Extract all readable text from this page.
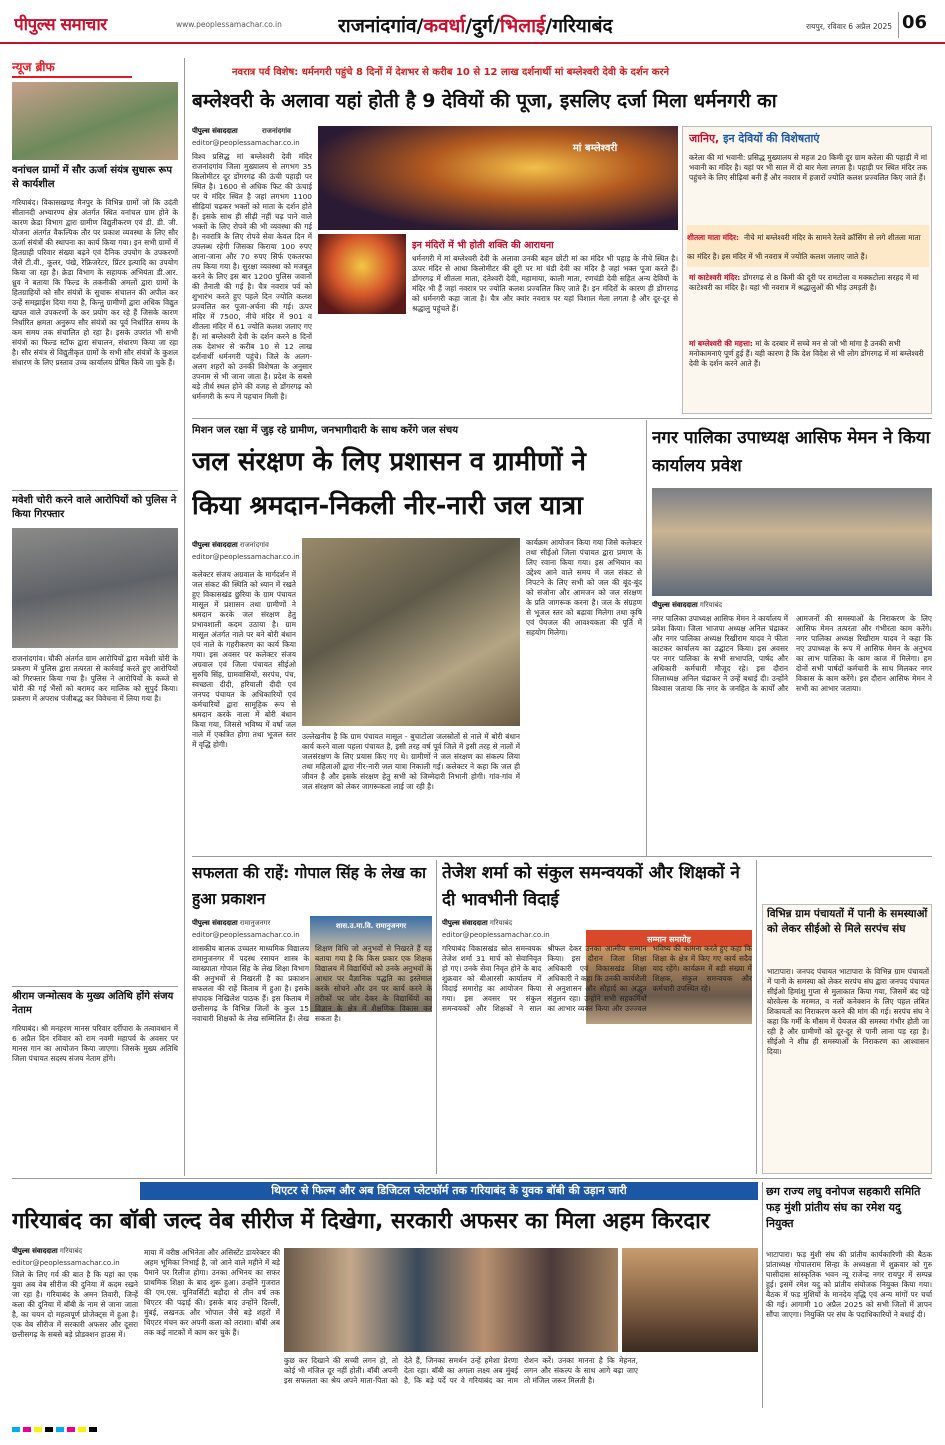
पीपुल्स समाचार	www.peoplessamachar.co.in	राजनांदगांव/कवर्धा/दुर्ग/भिलाई/गरियाबंद	रायपुर, रविवार 6 अप्रैल 2025 06
न्यूज ब्रीफ
वनांचल ग्रामों में सौर ऊर्जा संयंत्र सुधारू रूप से कार्यशील
गरियाबंद। विकासखण्ड मैनपुर के विभिन्न ग्रामों जो कि उदंती सीतानदी अभ्यारण्य क्षेत्र अंतर्गत स्थित वनांचल ग्राम होने के कारण क्रेडा विभाग द्वारा ग्रामीण विद्युतीकरण एवं डी. डी. जी. योजना अंतर्गत वैकल्पिक तौर पर प्रकाश व्यवस्था के लिए सौर ऊर्जा संयंत्रों की स्थापना का कार्य किया गया। इन सभी ग्रामों में हितग्राही परिवार संख्या बढ़ने एवं दैनिक उपयोग के उपकरणों जैसे टी.वी., कूलर, पंखे, रेफ्रिजरेटर, प्रिंटर इत्यादि का उपयोग किया जा रहा है। क्रेडा विभाग के सहायक अभियंता डी.आर. ध्रुव ने बताया कि फिल्ड के तकनीकी अमलों द्वारा ग्रामों के हितग्राहियों को सौर संयंत्रों के सुचारू संचालन की अपील कर उन्हें समझाईश दिया गया है, किन्तु ग्रामीणों द्वारा अधिक विद्युत खपत वाले उपकरणों के कर प्रयोग कर रहे हैं जिसके कारण निर्धारित क्षमता अनुरूप सौर संयंत्रों का पूर्व निर्धारित समय के कम समय तक संचालित हो रहा है। इसके उपरांत भी सभी संयंत्रों का फिल्ड स्टॉफ द्वारा संचालन, संधारण किया जा रहा है। सौर संयंत्र से विद्युतीकृत ग्रामों के सभी सौर संयंत्रों के कुशल संधारण के लिए प्रस्ताव उच्च कार्यालय प्रेषित किये जा चुके हैं।
मवेशी चोरी करने वाले आरोपियों को पुलिस ने किया गिरफ्तार
राजनांदगांव। चौकी अंतर्गत ग्राम आरोपियों द्वारा मवेशी चोरी के प्रकरण में पुलिस द्वारा तत्परता से कार्रवाई करते हुए आरोपियों को गिरफ्तार किया गया है। पुलिस ने आरोपियों के कब्जे से चोरी की गई भैंसों को बरामद कर मालिक को सुपुर्द किया। प्रकरण में अपराध पंजीबद्ध कर विवेचना में लिया गया है।
श्रीराम जन्मोत्सव के मुख्य अतिथि होंगे संजय नेताम
गरियाबंद। श्री मनहरण मानस परिवार दर्रीपारा के तत्वावधान में 6 अप्रैल दिन रविवार को राम नवमी महापर्व के अवसर पर मानस गान का आयोजन किया जाएगा। जिसके मुख्य अतिथि जिला पंचायत सदस्य संजय नेताम होंगे।
नवरात्र पर्व विशेष: धर्मनगरी पहुंचे 8 दिनों में देशभर से करीब 10 से 12 लाख दर्शनार्थी मां बम्लेश्वरी देवी के दर्शन करने
बम्लेश्वरी के अलावा यहां होती है 9 देवियों की पूजा, इसलिए दर्जा मिला धर्मनगरी का
पीपुल्स संवाददाता	राजनांदगांव
editor@peoplessamachar.co.in	मां बम्लेश्वरी
विश्व प्रसिद्ध मां बम्लेश्वरी देवी मंदिर राजनांदगांव जिला मुख्यालय से लगभग 35 किलोमीटर दूर डोंगरगढ़ की ऊंची पहाड़ी पर स्थित है। 1600 से अधिक फिट की ऊंचाई पर ये मंदिर स्थित है जहां लगभग 1100 सीढ़ियां चढ़कर भक्तों को माता के दर्शन होते हैं। इसके साथ ही सीढ़ी नहीं चढ़ पाने वाले भक्तों के लिए रोपवे की भी व्यवस्था की गई है। नवरात्रि के लिए रोपवे सेवा केवल दिन में उपलब्ध रहेगी जिसका किराया 100 रुपए आना-जाना और 70 रुपए सिर्फ एकतरफा तय किया गया है। सुरक्षा व्यवस्था को मजबूत करने के लिए इस बार 1200 पुलिस जवानों की तैनाती की गई है। चैत्र नवरात्र पर्व को शुभारंभ करते हुए पहले दिन ज्योति कलश प्रज्वलित कर पूजा-अर्चना की गई। ऊपर मंदिर में 7500, नीचे मंदिर में 901 व शीतला मंदिर में 61 ज्योति कलश जलाए गए हैं। मां बम्लेश्वरी देवी के दर्शन करने 8 दिनों तक देशभर से करीब 10 से 12 लाख दर्शनार्थी धर्मनगरी पहुंचे। जिले के अलग-अलग शहरों को उनकी विशेषता के अनुसार उपनाम से भी जाना जाता है। प्रदेश के सबसे बड़े तीर्थ स्थल होने की वजह से डोंगरगढ़ को धर्मनगरी के रूप में पहचान मिली है।
इन मंदिरों में भी होती शक्ति की आराधना
धर्मनगरी में मां बम्लेश्वरी देवी के अलावा उनकी बहन छोटी मां का मंदिर भी पहाड़ के नीचे स्थित है। ऊपर मंदिर से आधा किलोमीटर की दूरी पर मां चंडी देवी का मंदिर है जहां भक्त पूजा करते हैं। डोंगरगढ़ में शीतला माता, दंतेश्वरी देवी, महामाया, काली माता, रणचंडी देवी सहित अन्य देवियों के मंदिर भी हैं जहां नवरात्र पर ज्योति कलश प्रज्वलित किए जाते हैं। इन मंदिरों के कारण ही डोंगरगढ़ को धर्मनगरी कहा जाता है। चैत्र और क्वांर नवरात्र पर यहां विशाल मेला लगता है और दूर-दूर से श्रद्धालु पहुंचते हैं।
जानिए, इन देवियों की विशेषताएं
करेला की मां भवानी: प्रसिद्ध मुख्यालय से महज 20 किमी दूर ग्राम करेला की पहाड़ी में मां भवानी का मंदिर है। यहां पर भी साल में दो बार मेला लगता है। पहाड़ी पर स्थित मंदिर तक पहुंचने के लिए सीढ़ियां बनी हैं और नवरात्र में हजारों ज्योति कलश प्रज्वलित किए जाते हैं।
शीतला माता मंदिर: नीचे मां बम्लेश्वरी मंदिर के सामने रेलवे क्रॉसिंग से लगे शीतला माता का मंदिर है। इस मंदिर में भी नवरात्र में ज्योति कलश जलाए जाते हैं।
मां काटेश्वरी मंदिर: डोंगरगढ़ से 8 किमी की दूरी पर रामटोला व मक्कटोला सरहद में मां काटेश्वरी का मंदिर है। यहां भी नवरात्र में श्रद्धालुओं की भीड़ उमड़ती है।
मां बम्लेश्वरी की महत्ता: मां के दरबार में सच्चे मन से जो भी मांगा है उनकी सभी मनोकामनाएं पूर्ण हुई हैं। यही कारण है कि देश विदेश से भी लोग डोंगरगढ़ में मां बम्लेश्वरी देवी के दर्शन करने आते हैं।
मिशन जल रक्षा में जुड़ रहे ग्रामीण, जनभागीदारी के साथ करेंगे जल संचय
जल संरक्षण के लिए प्रशासन व ग्रामीणों ने किया श्रमदान-निकली नीर-नारी जल यात्रा
पीपुल्स संवाददाता राजनांदगांव
editor@peoplessamachar.co.in
कलेक्टर संजय अग्रवाल के मार्गदर्शन में जल संकट की स्थिति को ध्यान में रखते हुए विकासखंड छुरिया के ग्राम पंचायत मासूल में प्रशासन तथा ग्रामीणों ने श्रमदान करके जल संरक्षण हेतु प्रभावशाली कदम उठाया है। ग्राम मासूल अंतर्गत नाले पर बने बोरी बंधान एवं नाले के गहरीकरण का कार्य किया गया। इस अवसर पर कलेक्टर संजय अग्रवाल एवं जिला पंचायत सीईओ सुरुचि सिंह, ग्रामवासियों, सरपंच, पंच, स्वच्छता दीदी, हरियाली दीदी एवं जनपद पंचायत के अधिकारियों एवं कर्मचारियों द्वारा सामूहिक रूप से श्रमदान करके नाला में बोरी बंधान किया गया, जिससे भविष्य में वर्षा जल नाले में एकत्रित होगा तथा भूजल स्तर में वृद्धि होगी।
उल्लेखनीय है कि ग्राम पंचायत मासूल - बुचाटोला जलस्रोतों से नाले में बोरी बंधान कार्य करने वाला पहला पंचायत है, इसी तरह वर्ष पूर्व जिले में इसी तरह से नालों में जलसंरक्षण के लिए प्रयास किए गए थे। ग्रामीणों ने जल संरक्षण का संकल्प लिया तथा महिलाओं द्वारा नीर-नारी जल यात्रा निकाली गई। कलेक्टर ने कहा कि जल ही जीवन है और इसके संरक्षण हेतु सभी को जिम्मेदारी निभानी होगी। गांव-गांव में जल संरक्षण को लेकर जागरूकता लाई जा रही है।
कार्यक्रम आयोजन किया गया जिसे कलेक्टर तथा सीईओ जिला पंचायत द्वारा प्रमाण के लिए रवाना किया गया। इस अभियान का उद्देश्य आने वाले समय में जल संकट से निपटने के लिए सभी को जल की बूंद-बूंद को संजोना और आमजन को जल संरक्षण के प्रति जागरूक करना है। जल के संग्रहण से भूजल स्तर को बढ़ावा मिलेगा तथा कृषि एवं पेयजल की आवश्यकता की पूर्ति में सहयोग मिलेगा।
नगर पालिका उपाध्यक्ष आसिफ मेमन ने किया कार्यालय प्रवेश
पीपुल्स संवाददाता गरियाबंद
नगर पालिका उपाध्यक्ष आसिफ मेमन ने कार्यालय में प्रवेश किया। जिला भाजपा अध्यक्ष अनिल चंद्राकर और नगर पालिका अध्यक्ष रिखीराम यादव ने फीता काटकर कार्यालय का उद्घाटन किया। इस अवसर पर नगर पालिका के सभी सभापति, पार्षद और अधिकारी कर्मचारी मौजूद रहे। इस दौरान जिलाध्यक्ष अनिल चंद्राकर ने उन्हें बधाई दी। उन्होंने विश्वास जताया कि नगर के जनहित के कार्यों और आमजनों की समस्याओं के निराकरण के लिए आसिफ मेमन तत्परता और गंभीरता काम करेंगे। नगर पालिका अध्यक्ष रिखीराम यादव ने कहा कि नए उपाध्यक्ष के रूप में आसिफ मेमन के अनुभव का लाभ पालिका के काम काज में मिलेगा। हम दोनों सभी पार्षदों कर्मचारी के साथ मिलकर नगर विकास के काम करेंगे। इस दौरान आसिफ मेमन ने सभी का आभार जताया।
सफलता की राहें: गोपाल सिंह के लेख का हुआ प्रकाशन
पीपुल्स संवाददाता रामानुजनगर
editor@peoplessamachar.co.in
शास.उ.मा.वि. रामानुजनगर
शासकीय बालक उच्चतर माध्यमिक विद्यालय रामानुजनगर में पदस्थ रसायन शास्त्र के व्याख्याता गोपाल सिंह के लेख शिक्षा विभाग की अनुभवों से निखरती है का प्रकाशन सफलता की राहें किताब में हुआ है। इसके संपादक निखिलेश पाठक हैं। इस किताब में छत्तीसगढ़ के विभिन्न जिलों के कुल 15 नवाचारी शिक्षकों के लेख सम्मिलित हैं। लेख शिक्षण विधि जो अनुभवों से निखरते हैं यह बताया गया है कि किस प्रकार एक शिक्षक विद्यालय में विद्यार्थियों को उनके अनुभवों के आधार पर वैज्ञानिक पद्धति का इस्तेमाल करके सोचने और उन पर कार्य करने के तरीकों पर जोर देकर के विद्यार्थियों का विज्ञान के क्षेत्र में शैक्षणिक विकास कर सकता है।
तेजेश शर्मा को संकुल समन्वयकों और शिक्षकों ने दी भावभीनी विदाई
पीपुल्स संवाददाता गरियाबंद
editor@peoplessamachar.co.in	सम्मान समारोह
गरियाबंद विकासखंड स्रोत समन्वयक तेजेश शर्मा 31 मार्च को सेवानिवृत हो गए। उनके सेवा निवृत होने के बाद शुक्रवार को बीआरसी कार्यालय में विदाई समारोह का आयोजन किया गया। इस अवसर पर संकुल समन्वयकों और शिक्षकों ने साल श्रीफल देकर उनका आत्मीय सम्मान किया। इस दौरान जिला शिक्षा अधिकारी एवं विकासखंड शिक्षा अधिकारी ने कहा कि उनकी कार्यशैली से अनुशासन और सौहार्द का अद्भुत संतुलन रहा। उन्होंने सभी सहकर्मियों का आभार व्यक्त किया और उज्ज्वल भविष्य की कामना करते हुए कहा कि शिक्षा के क्षेत्र में किए गए कार्य सदैव याद रहेंगे। कार्यक्रम में बड़ी संख्या में शिक्षक, संकुल समन्वयक और कर्मचारी उपस्थित रहे।
विभिन्न ग्राम पंचायतों में पानी के समस्याओं को लेकर सीईओ से मिले सरपंच संघ
भाटापारा। जनपद पंचायत भाटापारा के विभिन्न ग्राम पंचायतों में पानी के समस्या को लेकर सरपंच संघ द्वारा जनपद पंचायत सीईओ हिमांशु गुप्ता से मुलाकात किया गया, जिसमें बंद पड़े बोरवेल्स के मरम्मत, व नलों कनेक्शन के लिए पहल लंबित शिकायतों का निराकरण करने की मांग की गई। सरपंच संघ ने कहा कि गर्मी के मौसम में पेयजल की समस्या गंभीर होती जा रही है और ग्रामीणों को दूर-दूर से पानी लाना पड़ रहा है। सीईओ ने शीघ्र ही समस्याओं के निराकरण का आश्वासन दिया।
थिएटर से फिल्म और अब डिजिटल प्लेटफॉर्म तक गरियाबंद के युवक बॉबी की उड़ान जारी
गरियाबंद का बॉबी जल्द वेब सीरीज में दिखेगा, सरकारी अफसर का मिला अहम किरदार
पीपुल्स संवाददाता गरियाबंद
editor@peoplessamachar.co.in
जिले के लिए गर्व की बात है कि यहां का एक युवा अब वेब सीरीज की दुनिया में कदम रखने जा रहा है। गरियाबंद के अमन तिवारी, जिन्हें कला की दुनिया में बॉबी के नाम से जाना जाता है, का चयन दो महत्वपूर्ण प्रोजेक्ट्स में हुआ है। एक वेब सीरीज में सरकारी अफसर और दूसरा छत्तीसगढ़ के सबसे बड़े प्रोडक्शन हाउस में।
माया में वरीष्ठ अभिनेता और असिस्टेंट डायरेक्टर की अहम भूमिका निभाई है, जो आने वाले महीने में बड़े पैमाने पर रिलीज होगा। उनका अभिनय का सफर प्राथमिक शिक्षा के बाद शुरू हुआ। उन्होंने गुजरात की एम.एस. यूनिवर्सिटी बड़ौदा से तीन वर्ष तक थिएटर की पढ़ाई की। इसके बाद उन्होंने दिल्ली, मुंबई, लखनऊ और भोपाल जैसे बड़े शहरों में थिएटर मंचन कर अपनी कला को तराशा। बॉबी अब तक कई नाटकों में काम कर चुके हैं।
कुछ कर दिखाने की सच्ची लगन हो, तो कोई भी मंजिल दूर नहीं होती। बॉबी अपनी इस सफलता का श्रेय अपने माता-पिता को देते हैं, जिनका समर्थन उन्हें हमेशा प्रेरणा देता रहा। बॉबी का अगला लक्ष्य अब मुंबई है, कि बड़े पर्दे पर वे गरियाबंद का नाम रोशन करें। उनका मानना है कि मेहनत, लगन और संकल्प के साथ आगे बढ़ा जाए तो मंजिल जरूर मिलती है।
छग राज्य लघु वनोपज सहकारी समिति फड़ मुंशी प्रांतीय संघ का रमेश यदु नियुक्त
भाटापारा। फड़ मुंशी संघ की प्रांतीय कार्यकारिणी की बैठक प्रांताध्यक्ष गोपालराम सिन्हा के अध्यक्षता में शुक्रवार को गुरु घासीदास सांस्कृतिक भवन न्यू राजेन्द्र नगर रायपुर में सम्पन्न हुई। इसमें रमेश यदु को प्रांतीय संयोजक नियुक्त किया गया। बैठक में फड़ मुंशियों के मानदेय वृद्धि एवं अन्य मांगों पर चर्चा की गई। आगामी 10 अप्रैल 2025 को सभी जिलों में ज्ञापन सौंपा जाएगा। नियुक्ति पर संघ के पदाधिकारियों ने बधाई दी।
